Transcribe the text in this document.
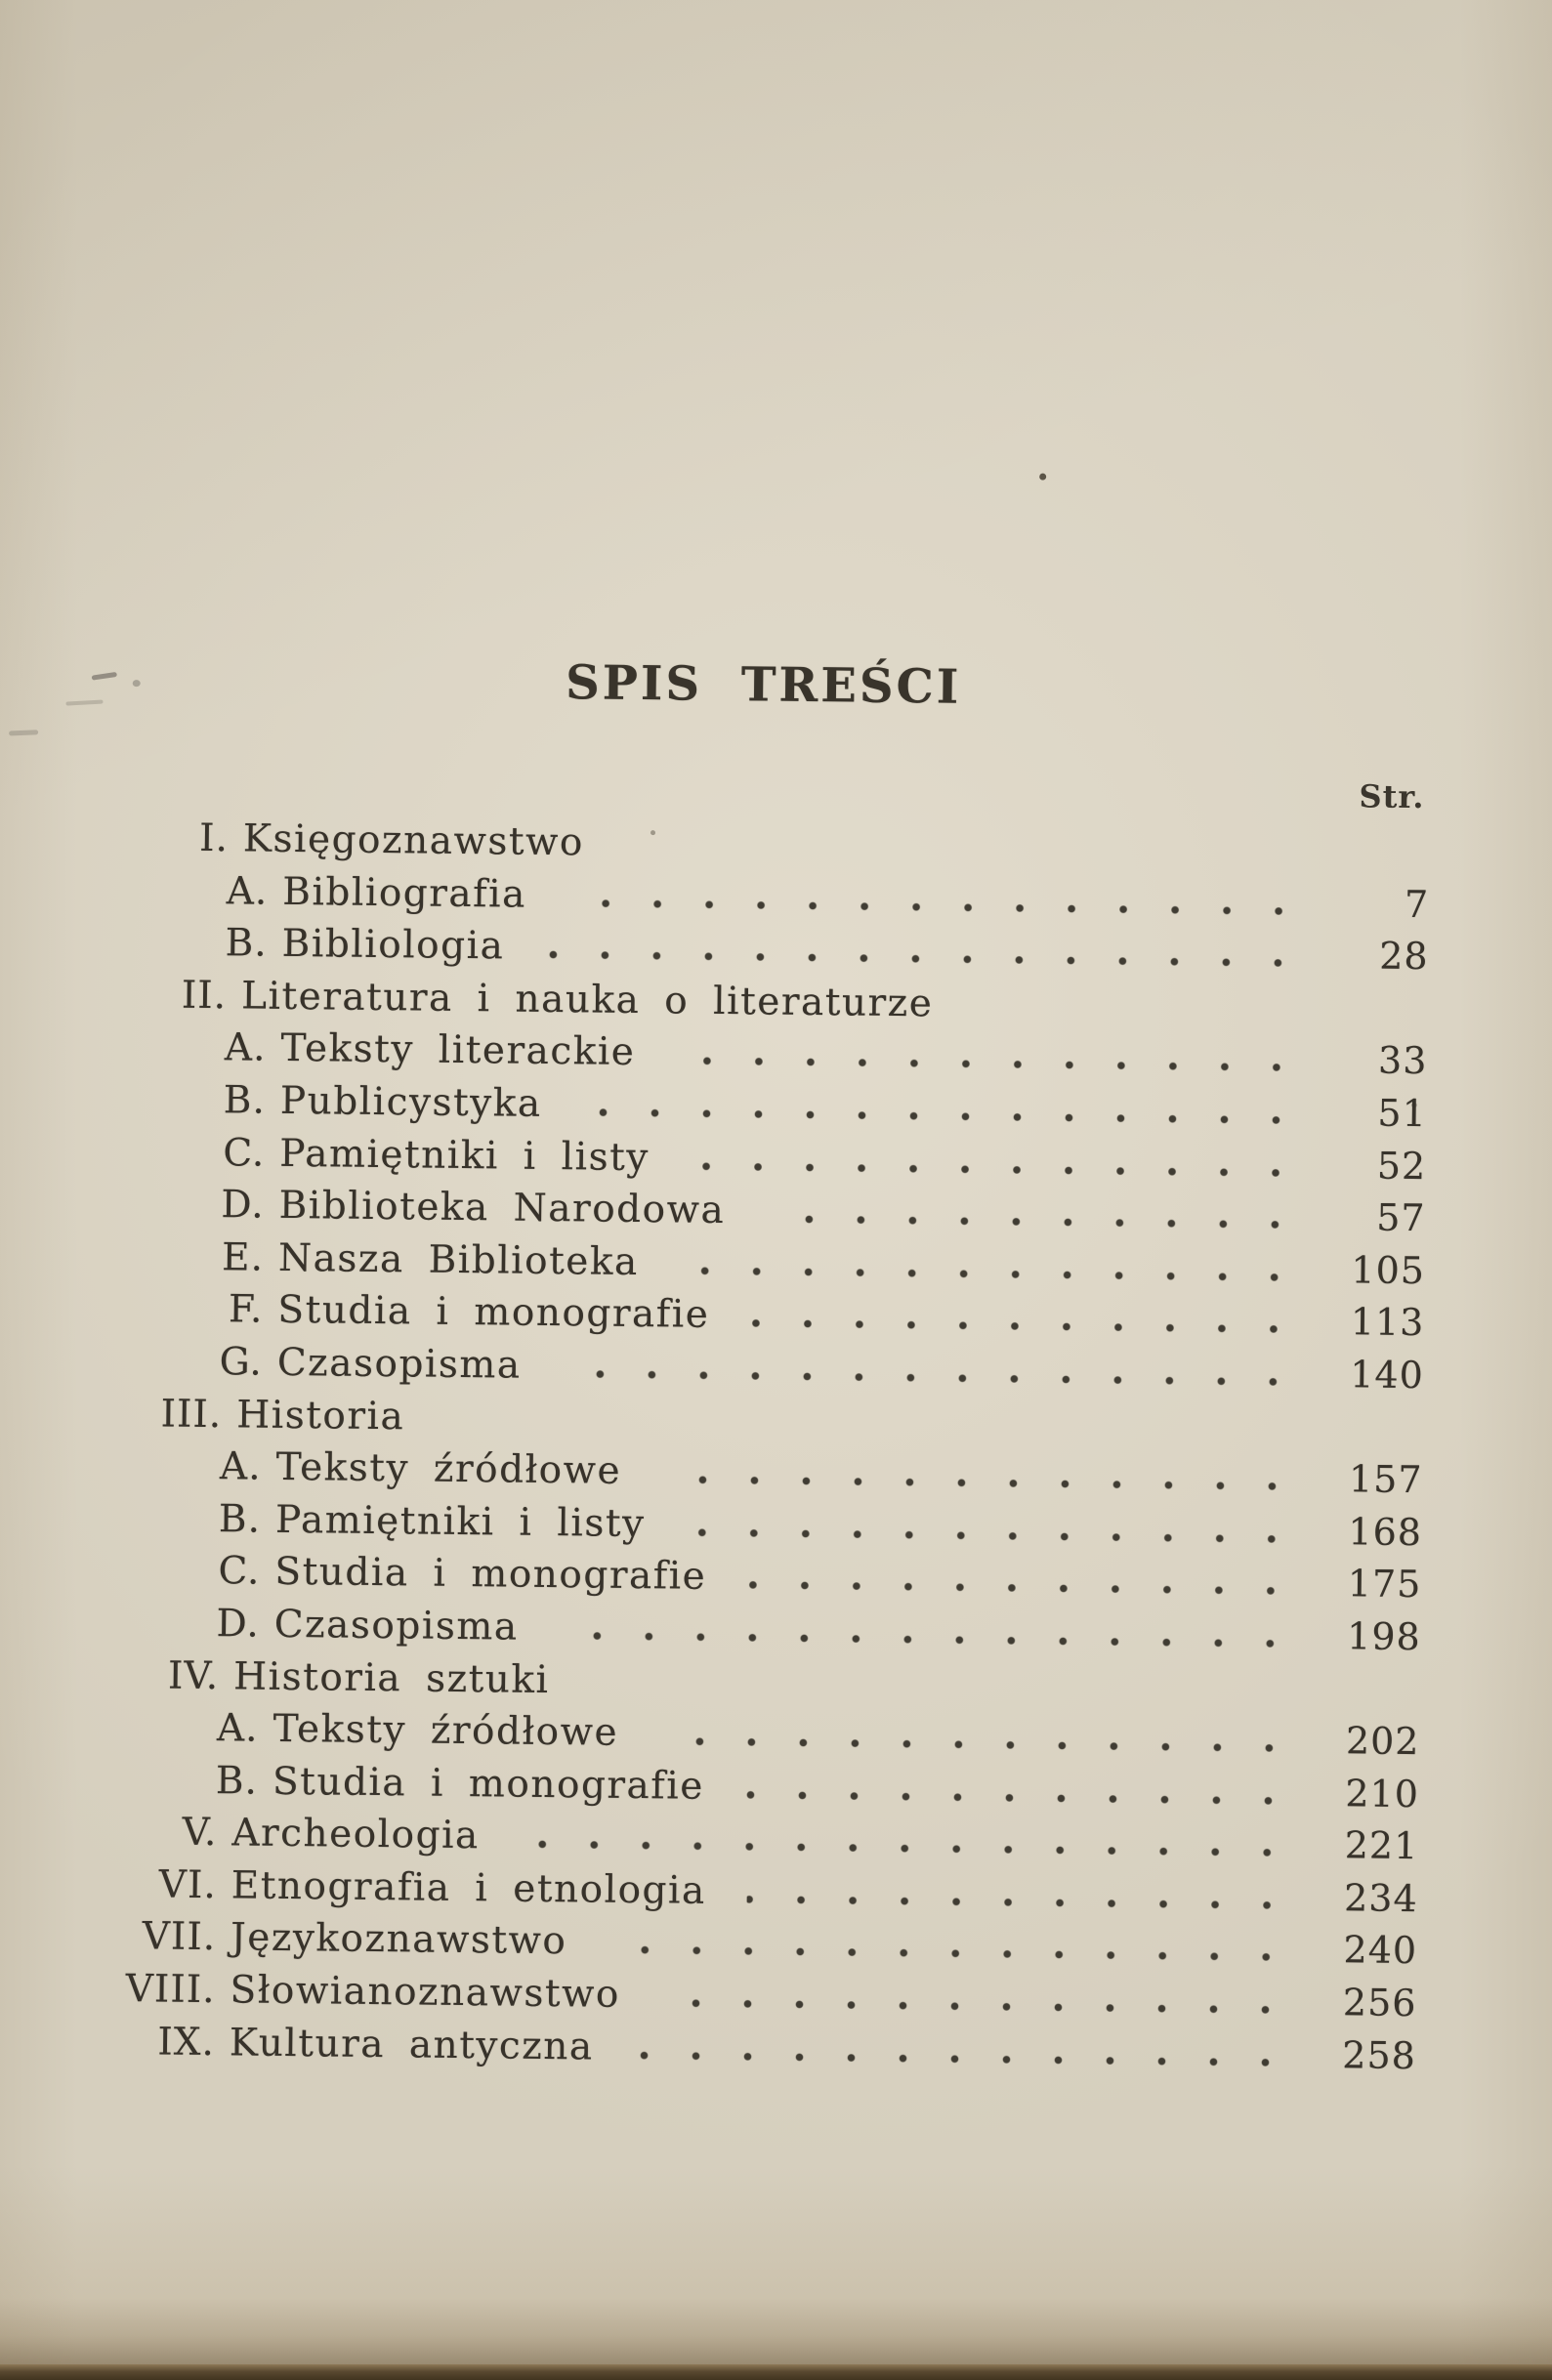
SPIS TREŚCI
Str.
I. Księgoznawstwo
A. Bibliografia	7
B. Bibliologia	28
II. Literatura i nauka o literaturze
A. Teksty literackie	33
B. Publicystyka	51
C. Pamiętniki i listy	52
D. Biblioteka Narodowa	57
E. Nasza Biblioteka	105
F. Studia i monografie	113
G. Czasopisma	140
III. Historia
A. Teksty źródłowe	157
B. Pamiętniki i listy	168
C. Studia i monografie	175
D. Czasopisma	198
IV. Historia sztuki
A. Teksty źródłowe	202
B. Studia i monografie	210
V. Archeologia	221
VI. Etnografia i etnologia	234
VII. Językoznawstwo	240
VIII. Słowianoznawstwo	256
IX. Kultura antyczna	258
